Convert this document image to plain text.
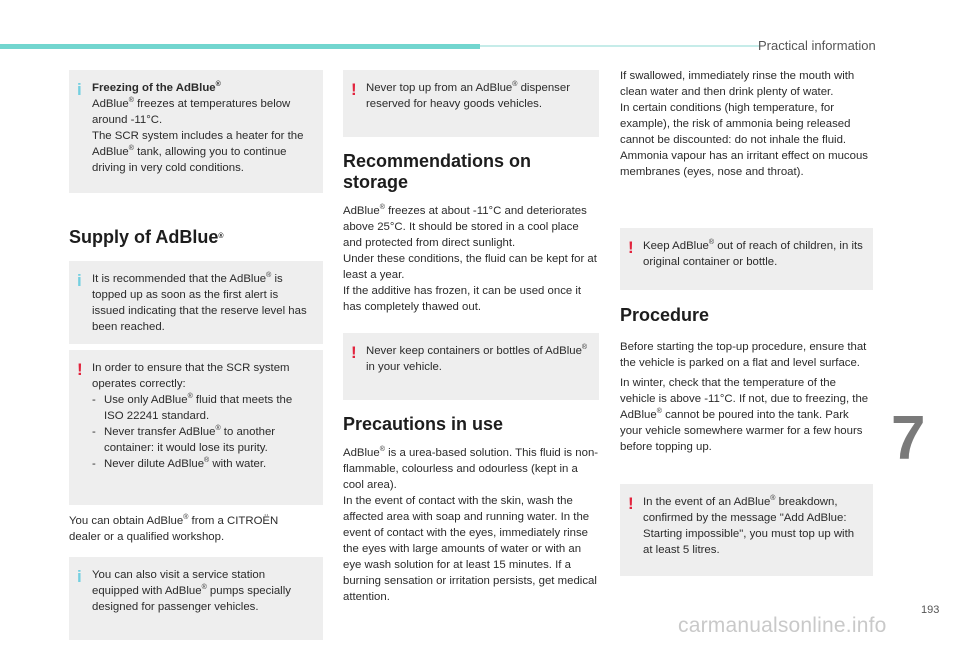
Practical information
i Freezing of the AdBlue®

AdBlue® freezes at temperatures below around -11°C.

The SCR system includes a heater for the AdBlue® tank, allowing you to continue driving in very cold conditions.

Supply of AdBlue®
i It is recommended that the AdBlue® is topped up as soon as the first alert is issued indicating that the reserve level has been reached.

! In order to ensure that the SCR system operates correctly:

- Use only AdBlue® fluid that meets the ISO 22241 standard.
- Never transfer AdBlue® to another container: it would lose its purity.
- Never dilute AdBlue® with water.

You can obtain AdBlue® from a CITROËN dealer or a qualified workshop.

i You can also visit a service station equipped with AdBlue® pumps specially designed for passenger vehicles.

! Never top up from an AdBlue® dispenser reserved for heavy goods vehicles.

Recommendations on storage

AdBlue® freezes at about -11°C and deteriorates above 25°C. It should be stored in a cool place and protected from direct sunlight.

Under these conditions, the fluid can be kept for at least a year.

If the additive has frozen, it can be used once it has completely thawed out.

! Never keep containers or bottles of AdBlue® in your vehicle.

Precautions in use

AdBlue® is a urea-based solution. This fluid is non-flammable, colourless and odourless (kept in a cool area).

In the event of contact with the skin, wash the affected area with soap and running water. In the event of contact with the eyes, immediately rinse the eyes with large amounts of water or with an eye wash solution for at least 15 minutes. If a burning sensation or irritation persists, get medical attention.

If swallowed, immediately rinse the mouth with clean water and then drink plenty of water.

In certain conditions (high temperature, for example), the risk of ammonia being released cannot be discounted: do not inhale the fluid. Ammonia vapour has an irritant effect on mucous membranes (eyes, nose and throat).

! Keep AdBlue® out of reach of children, in its original container or bottle.

Procedure

Before starting the top-up procedure, ensure that the vehicle is parked on a flat and level surface.

In winter, check that the temperature of the vehicle is above -11°C. If not, due to freezing, the AdBlue® cannot be poured into the tank. Park your vehicle somewhere warmer for a few hours before topping up.

! In the event of an AdBlue® breakdown, confirmed by the message "Add AdBlue: Starting impossible", you must top up with at least 5 litres.

7
193
carmanualsonline.info
